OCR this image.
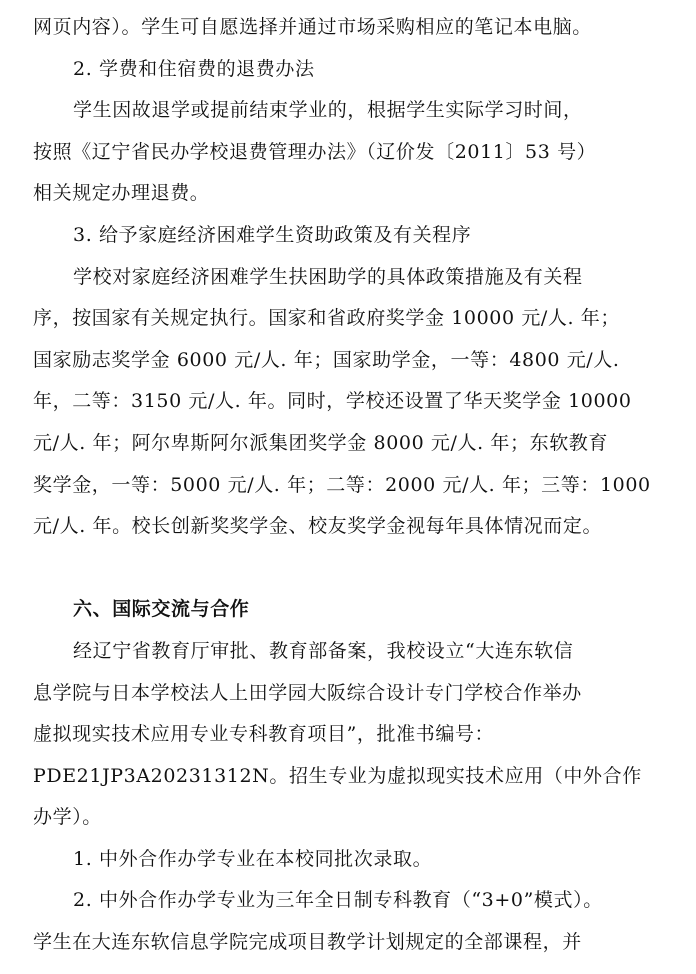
网页内容）。学生可自愿选择并通过市场采购相应的笔记本电脑。
2. 学费和住宿费的退费办法
学生因故退学或提前结束学业的，根据学生实际学习时间，
按照《辽宁省民办学校退费管理办法》（辽价发〔2011〕53 号）
相关规定办理退费。
3. 给予家庭经济困难学生资助政策及有关程序
学校对家庭经济困难学生扶困助学的具体政策措施及有关程
序，按国家有关规定执行。国家和省政府奖学金 10000 元/人. 年；
国家励志奖学金 6000 元/人. 年；国家助学金，一等：4800 元/人.
年，二等：3150 元/人. 年。同时，学校还设置了华天奖学金 10000
元/人. 年；阿尔卑斯阿尔派集团奖学金 8000 元/人. 年；东软教育
奖学金，一等：5000 元/人. 年；二等：2000 元/人. 年；三等：1000
元/人. 年。校长创新奖奖学金、校友奖学金视每年具体情况而定。
六、国际交流与合作
经辽宁省教育厅审批、教育部备案，我校设立“大连东软信
息学院与日本学校法人上田学园大阪综合设计专门学校合作举办
虚拟现实技术应用专业专科教育项目”，批准书编号：
PDE21JP3A20231312N。招生专业为虚拟现实技术应用（中外合作
办学）。
1. 中外合作办学专业在本校同批次录取。
2. 中外合作办学专业为三年全日制专科教育（“3+0”模式）。
学生在大连东软信息学院完成项目教学计划规定的全部课程，并
